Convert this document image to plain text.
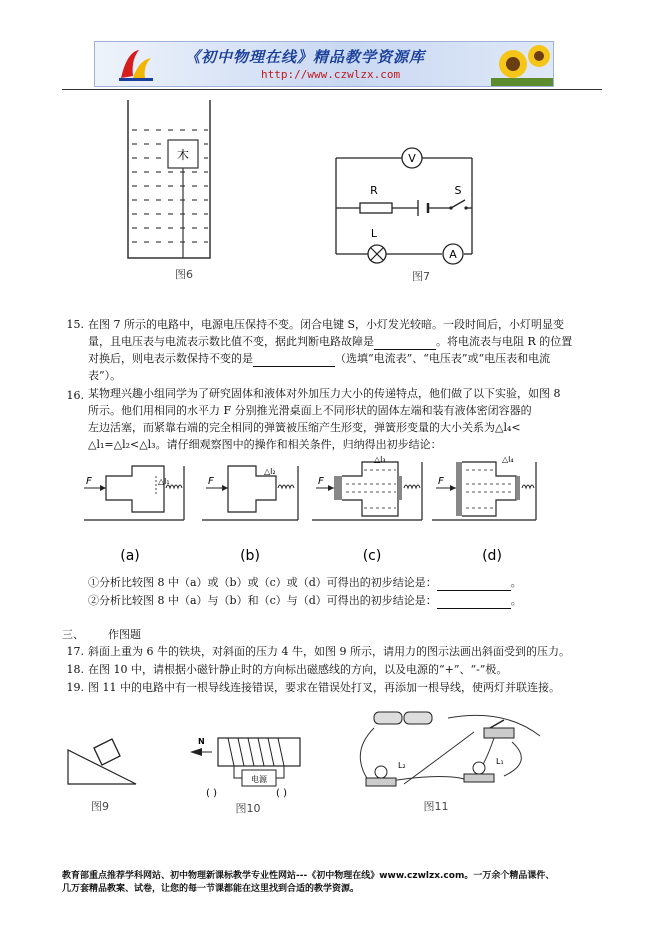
《初中物理在线》精品教学资源库
http://www.czwlzx.com
木
图6
V
R	S
L
A
图7
15. 在图 7 所示的电路中，电源电压保持不变。闭合电键 S，小灯发光较暗。一段时间后，小灯明显变
量，且电压表与电流表示数比值不变，据此判断电路故障是	。将电流表与电阻 R 的位置
对换后，则电表示数保持不变的是	（选填“电流表”、“电压表”或“电压表和电流
表”）。
16. 某物理兴趣小组同学为了研究固体和液体对外加压力大小的传递特点，他们做了以下实验，如图 8
所示。他们用相同的水平力 F 分别推光滑桌面上不同形状的固体左端和装有液体密闭容器的
左边活塞，而紧靠右端的完全相同的弹簧被压缩产生形变，弹簧形变量的大小关系为△l₄<
△l₁=△l₂<△l₃。请仔细观察图中的操作和相关条件，归纳得出初步结论：
F	△l₁
(a)
F
△l₂
(b)
F
△l₃
(c)
F
△l₄
(d)
①分析比较图 8 中（a）或（b）或（c）或（d）可得出的初步结论是：	。
②分析比较图 8 中（a）与（b）和（c）与（d）可得出的初步结论是：	。
三、 作图题
17. 斜面上重为 6 牛的铁块，对斜面的压力 4 牛，如图 9 所示，请用力的图示法画出斜面受到的压力。
18. 在图 10 中，请根据小磁针静止时的方向标出磁感线的方向，以及电源的“+”、“-”极。
19. 图 11 中的电路中有一根导线连接错误，要求在错误处打叉，再添加一根导线，使两灯并联连接。
图9
N
电源
( )	( )
图10
L₂	L₁
图11
教育部重点推荐学科网站、初中物理新课标教学专业性网站---《初中物理在线》www.czwlzx.com。一万余个精品课件、
几万套精品教案、试卷，让您的每一节课都能在这里找到合适的教学资源。
